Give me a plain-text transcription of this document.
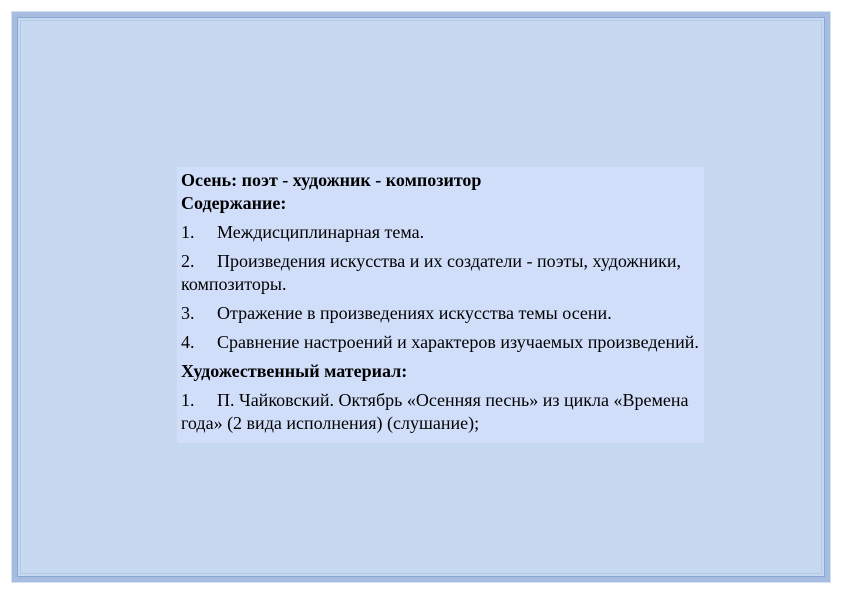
Осень: поэт - художник - композитор

Содержание:

1. Междисциплинарная тема.

2. Произведения искусства и их создатели - поэты, художники, композиторы.

3. Отражение в произведениях искусства темы осени.

4. Сравнение настроений и характеров изучаемых произведений.

Художественный материал:

1. П. Чайковский. Октябрь «Осенняя песнь» из цикла «Времена года» (2 вида исполнения) (слушание);
